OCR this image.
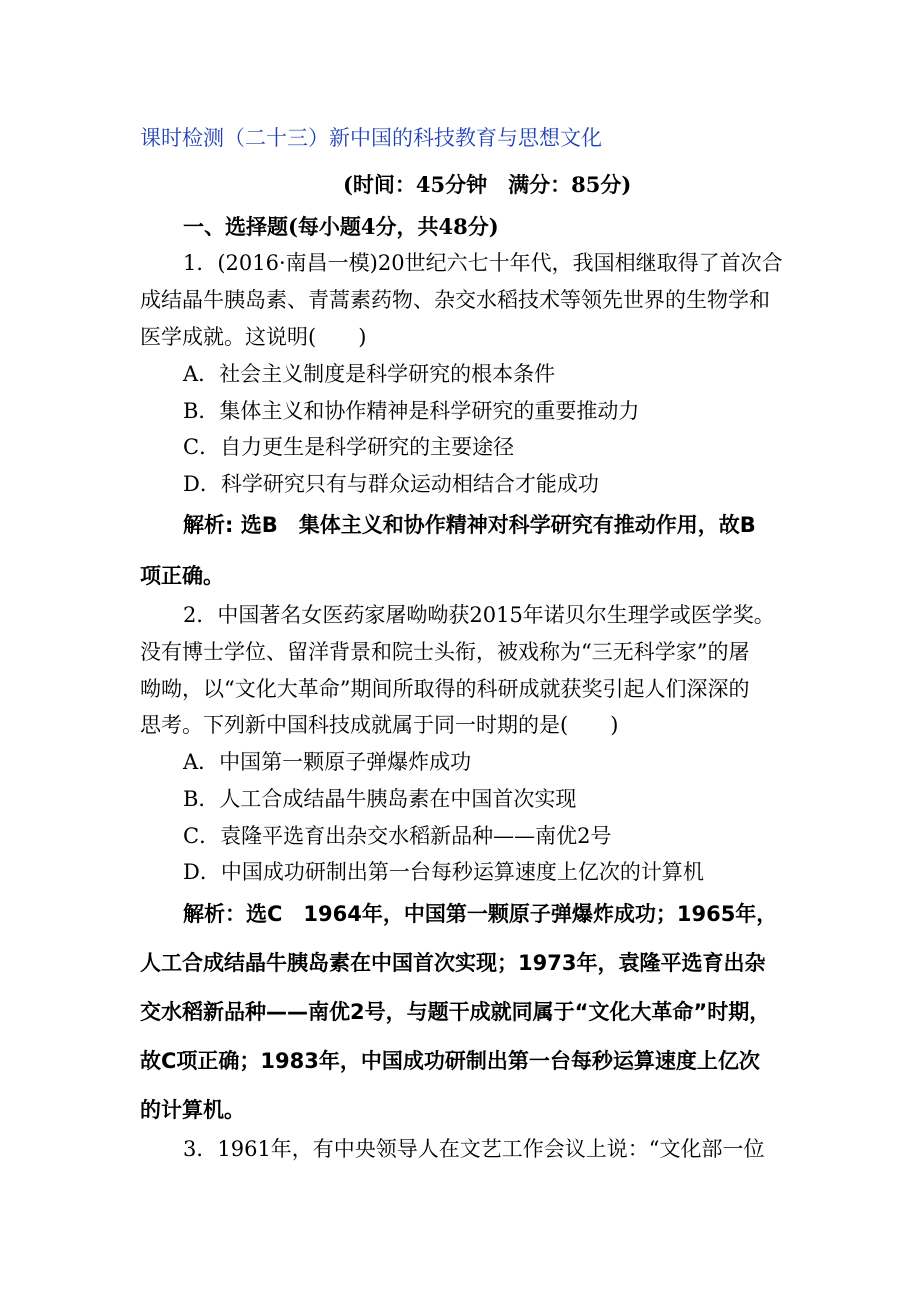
课时检测（二十三）新中国的科技教育与思想文化
(时间：45分钟　满分：85分)
一、选择题(每小题4分，共48分)
1．(2016·南昌一模)20世纪六七十年代，我国相继取得了首次合
成结晶牛胰岛素、青蒿素药物、杂交水稻技术等领先世界的生物学和
医学成就。这说明(　　)
A．社会主义制度是科学研究的根本条件
B．集体主义和协作精神是科学研究的重要推动力
C．自力更生是科学研究的主要途径
D．科学研究只有与群众运动相结合才能成功
解析: 选B　集体主义和协作精神对科学研究有推动作用，故B
项正确。
2．中国著名女医药家屠呦呦获2015年诺贝尔生理学或医学奖。
没有博士学位、留洋背景和院士头衔，被戏称为“三无科学家”的屠
呦呦，以“文化大革命”期间所取得的科研成就获奖引起人们深深的
思考。下列新中国科技成就属于同一时期的是(　　)
A．中国第一颗原子弹爆炸成功
B．人工合成结晶牛胰岛素在中国首次实现
C．袁隆平选育出杂交水稻新品种——南优2号
D．中国成功研制出第一台每秒运算速度上亿次的计算机
解析：选C　1964年，中国第一颗原子弹爆炸成功；1965年，
人工合成结晶牛胰岛素在中国首次实现；1973年，袁隆平选育出杂
交水稻新品种——南优2号，与题干成就同属于“文化大革命”时期，
故C项正确；1983年，中国成功研制出第一台每秒运算速度上亿次
的计算机。
3．1961年，有中央领导人在文艺工作会议上说：“文化部一位
